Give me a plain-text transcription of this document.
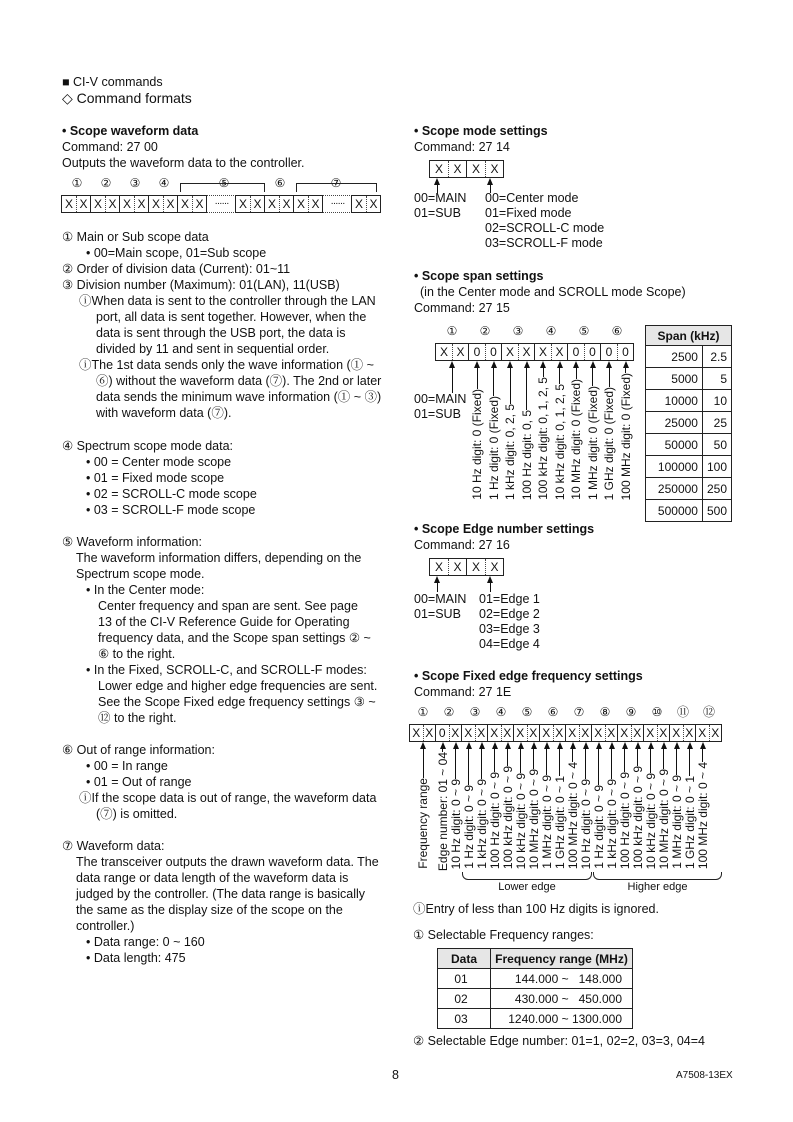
■ CI-V commands
◇ Command formats
• Scope waveform data
Command: 27 00
Outputs the waveform data to the controller.
X X X X X X X X X X	······ X X X X X X	······ X X
①	②	③	④	⑤	⑥	⑦
① Main or Sub scope data
• 00=Main scope, 01=Sub scope
② Order of division data (Current): 01~11
③ Division number (Maximum): 01(LAN), 11(USB)
ⓘWhen data is sent to the controller through the LAN port, all data is sent together. However, when the data is sent through the USB port, the data is divided by 11 and sent in sequential order.
ⓘThe 1st data sends only the wave information (① ~ ⑥) without the waveform data (⑦). The 2nd or later data sends the minimum wave information (① ~ ③) with waveform data (⑦).
④ Spectrum scope mode data:
• 00 = Center mode scope
• 01 = Fixed mode scope
• 02 = SCROLL-C mode scope
• 03 = SCROLL-F mode scope
⑤ Waveform information:
The waveform information differs, depending on the Spectrum scope mode.
• In the Center mode:
Center frequency and span are sent. See page 13 of the CI-V Reference Guide for Operating frequency data, and the Scope span settings ② ~ ⑥ to the right.
• In the Fixed, SCROLL-C, and SCROLL-F modes: Lower edge and higher edge frequencies are sent. See the Scope Fixed edge frequency settings ③ ~ ⑫ to the right.
⑥ Out of range information:
• 00 = In range
• 01 = Out of range
ⓘIf the scope data is out of range, the waveform data (⑦) is omitted.
⑦ Waveform data:
The transceiver outputs the drawn waveform data. The data range or data length of the waveform data is judged by the controller. (The data range is basically the same as the display size of the scope on the controller.)
• Data range: 0 ~ 160
• Data length: 475
• Scope mode settings
Command: 27 14
X X X X
00=MAIN
01=SUB
00=Center mode
01=Fixed mode
02=SCROLL-C mode
03=SCROLL-F mode
• Scope span settings
(in the Center mode and SCROLL mode Scope)
Command: 27 15
X X 0 0 X X X X 0 0 0 0
①	②	③	④	⑤	⑥
10 Hz digit: 0 (Fixed) 1 Hz digit: 0 (Fixed) 1 kHz digit: 0, 2, 5 100 Hz digit: 0, 5 100 kHz digit: 0, 1, 2, 5 10 kHz digit: 0, 1, 2, 5 10 MHz digit: 0 (Fixed) 1 MHz digit: 0 (Fixed) 1 GHz digit: 0 (Fixed) 100 MHz digit: 0 (Fixed)
00=MAIN
01=SUB
Span (kHz)	
2500	2.5
5000	5
10000	10
25000	25
50000	50
100000	100
250000	250
500000	500
• Scope Edge number settings
Command: 27 16
X X X X
00=MAIN
01=SUB
01=Edge 1
02=Edge 2
03=Edge 3
04=Edge 4
• Scope Fixed edge frequency settings
Command: 27 1E
X X 0 X X X X X X X X X X X X X X X X X X X X X
①	②	③	④	⑤	⑥	⑦	⑧	⑨	⑩	⑪	⑫
Frequency range Edge number: 01 ~ 04 10 Hz digit: 0 ~ 9 1 Hz digit: 0 ~ 9 1 kHz digit: 0 ~ 9 100 Hz digit: 0 ~ 9 100 kHz digit: 0 ~ 9 10 kHz digit: 0 ~ 9 10 MHz digit: 0 ~ 9 1 MHz digit: 0 ~ 9 1 GHz digit: 0 ~ 1 100 MHz digit: 0 ~ 4 10 Hz digit: 0 ~ 9 1 Hz digit: 0 ~ 9 1 kHz digit: 0 ~ 9 100 Hz digit: 0 ~ 9 100 kHz digit: 0 ~ 9 10 kHz digit: 0 ~ 9 10 MHz digit: 0 ~ 9 1 MHz digit: 0 ~ 9 1 GHz digit: 0 ~ 1 100 MHz digit: 0 ~ 4
Lower edge	Higher edge
ⓘEntry of less than 100 Hz digits is ignored.
① Selectable Frequency ranges:
Data	Frequency range (MHz)
01	144.000 ~   148.000
02	430.000 ~   450.000
03	1240.000 ~ 1300.000
② Selectable Edge number: 01=1, 02=2, 03=3, 04=4
8	A7508-13EX
